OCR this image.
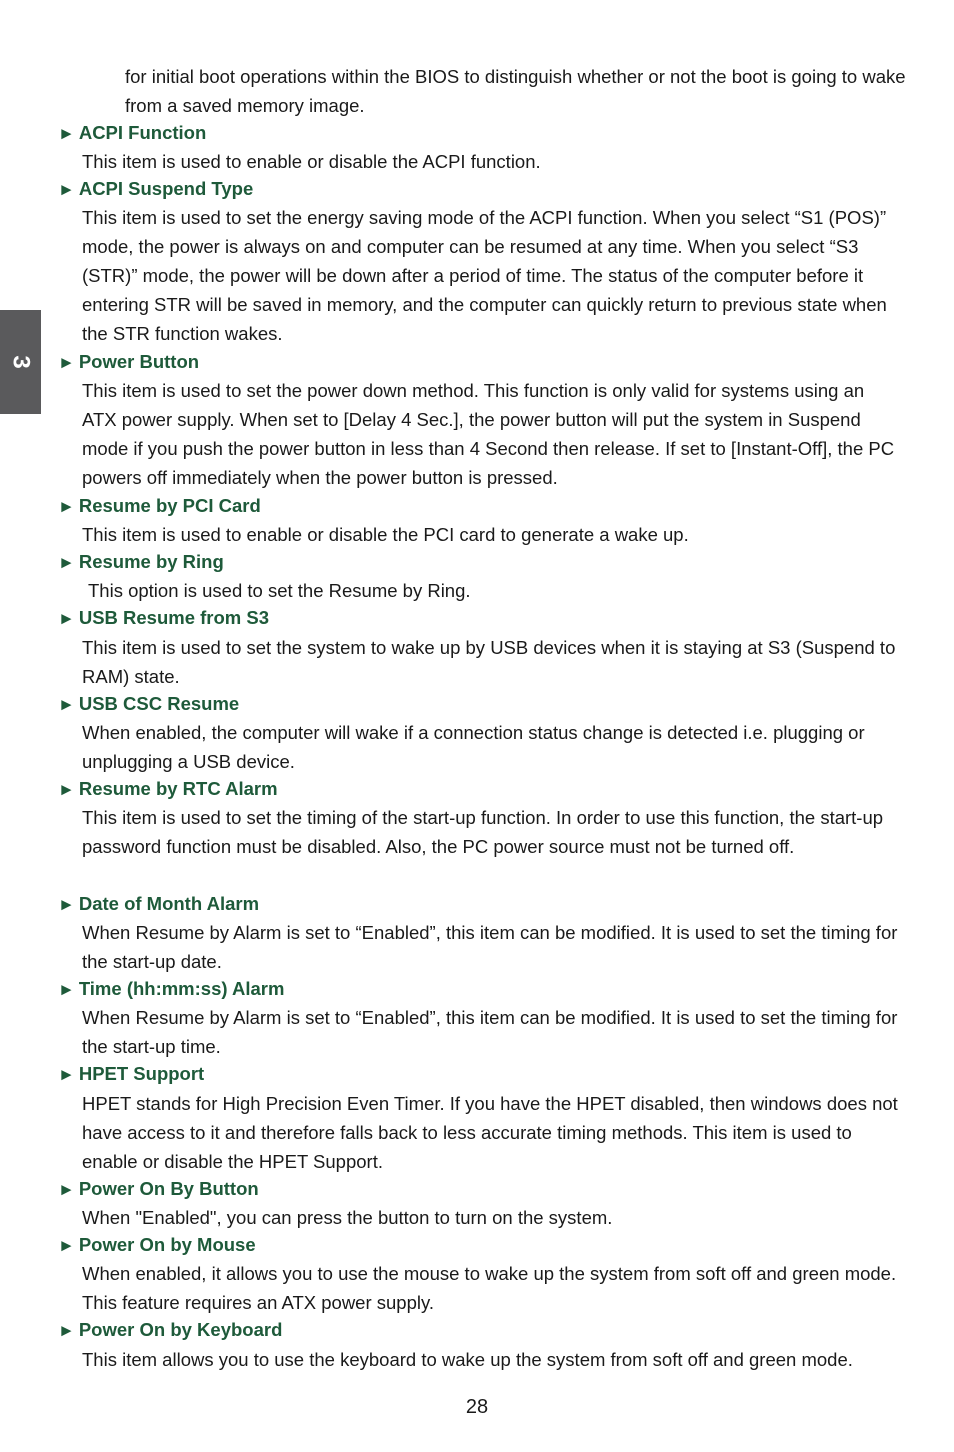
3

for initial boot operations within the BIOS to distinguish whether or not the boot is going to wake from a saved memory image.

► ACPI Function

This item is used to enable or disable the ACPI function.

► ACPI Suspend Type

This item is used to set the energy saving mode of the ACPI function. When you select “S1 (POS)” mode, the power is always on and computer can be resumed at any time. When you select “S3 (STR)” mode, the power will be down after a period of time. The status of the computer before it entering STR will be saved in memory, and the computer can quickly return to previous state when the STR function wakes.

► Power Button

This item is used to set the power down method. This function is only valid for systems using an ATX power supply. When set to [Delay 4 Sec.], the power button will put the system in Suspend mode if you push the power button in less than 4 Second then release. If set to [Instant-Off], the PC powers off immediately when the power button is pressed.

► Resume by PCI Card

This item is used to enable or disable the PCI card to generate a wake up.

► Resume by Ring

This option is used to set the Resume by Ring.

► USB Resume from S3

This item is used to set the system to wake up by USB devices when it is staying at S3 (Suspend to RAM) state.

► USB CSC Resume

When enabled, the computer will wake if a connection status change is detected i.e. plugging or unplugging a USB device.

► Resume by RTC Alarm

This item is used to set the timing of the start-up function. In order to use this function, the start-up password function must be disabled. Also, the PC power source must not be turned off.

► Date of Month Alarm

When Resume by Alarm is set to “Enabled”, this item can be modified. It is used to set the timing for the start-up date.

► Time (hh:mm:ss) Alarm

When Resume by Alarm is set to “Enabled”, this item can be modified. It is used to set the timing for the start-up time.

► HPET Support

HPET stands for High Precision Even Timer. If you have the HPET disabled, then windows does not have access to it and therefore falls back to less accurate timing methods. This item is used to enable or disable the HPET Support.

► Power On By Button

When "Enabled", you can press the button to turn on the system.

► Power On by Mouse

When enabled, it allows you to use the mouse to wake up the system from soft off and green mode. This feature requires an ATX power supply.

► Power On by Keyboard

This item allows you to use the keyboard to wake up the system from soft off and green mode.

28
